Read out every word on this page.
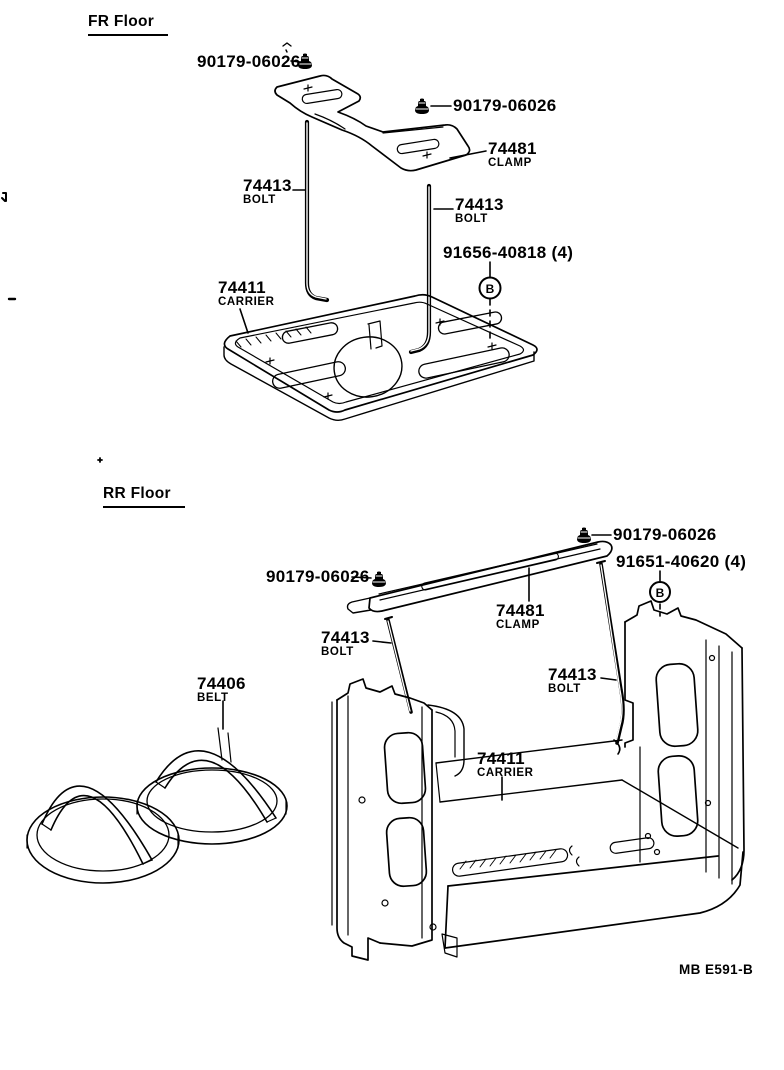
B
B
FR Floor
90179-06026
90179-06026
74481
CLAMP
74413
BOLT	74413
BOLT
91656-40818 (4)
74411
CARRIER
RR Floor
90179-06026
91651-40620 (4)
90179-06026
74481
CLAMP
74413
BOLT
74413
BOLT
74406
BELT
74411
CARRIER
MB E591-B
